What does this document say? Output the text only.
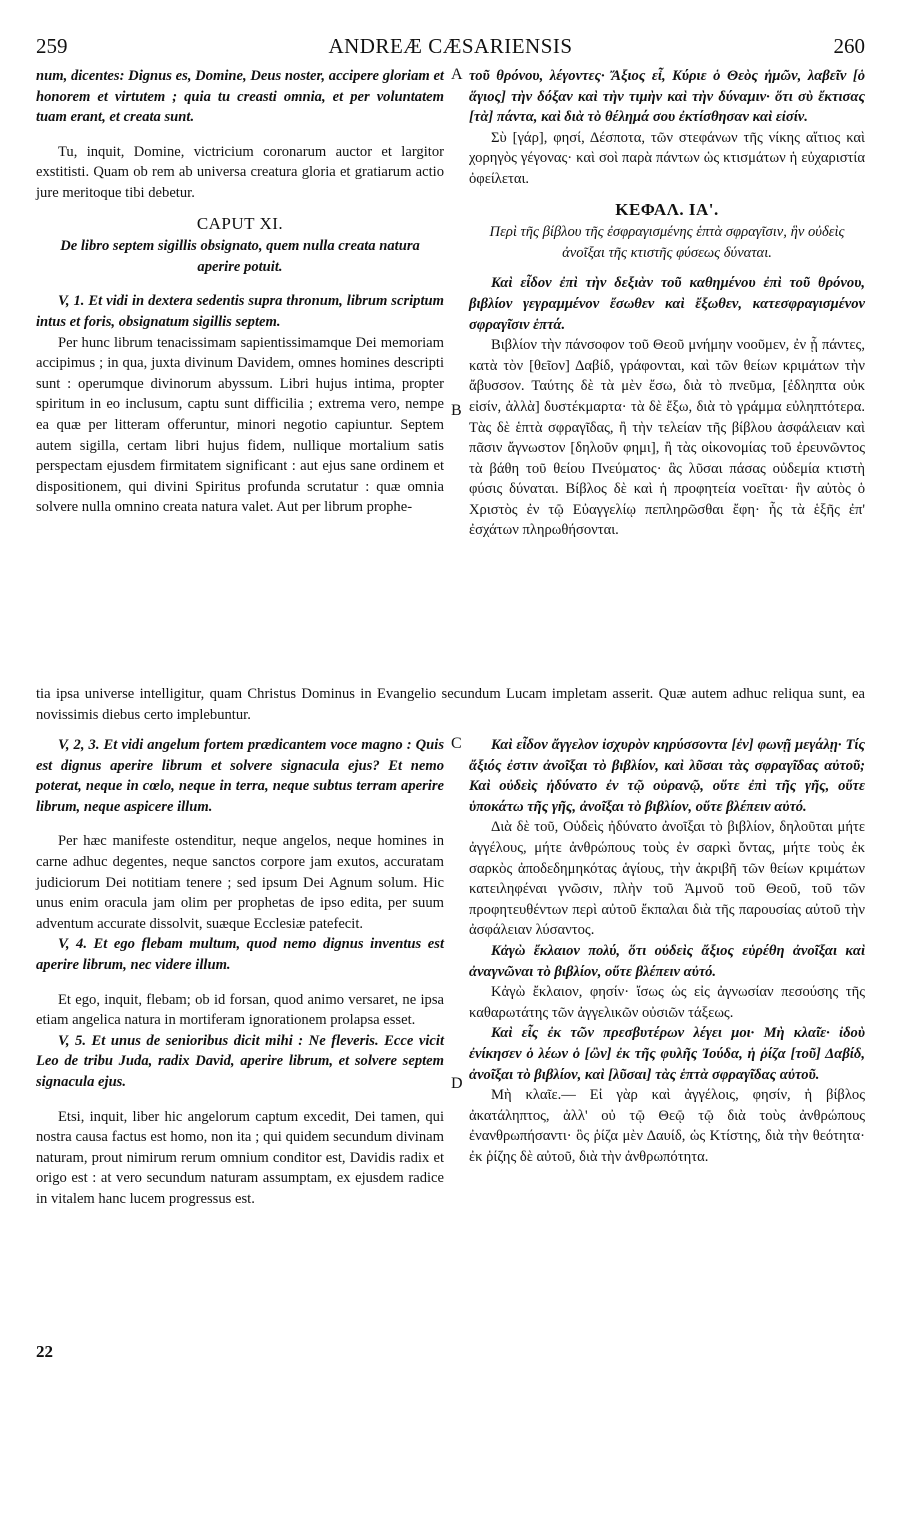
259	ANDREÆ CÆSARIENSIS	260
A
B
C
D

num, dicentes: Dignus es, Domine, Deus noster, accipere gloriam et honorem et virtutem ; quia tu creasti omnia, et per voluntatem tuam erant, et creata sunt.

Tu, inquit, Domine, victricium coronarum auctor et largitor exstitisti. Quam ob rem ab universa creatura gloria et gratiarum actio jure meritoque tibi debetur.

CAPUT XI.

De libro septem sigillis obsignato, quem nulla creata natura aperire potuit.

V, 1. Et vidi in dextera sedentis supra thronum, librum scriptum intus et foris, obsignatum sigillis septem.

Per hunc librum tenacissimam sapientissimamque Dei memoriam accipimus ; in qua, juxta divinum Davidem, omnes homines descripti sunt : operumque divinorum abyssum. Libri hujus intima, propter spiritum in eo inclusum, captu sunt difficilia ; extrema vero, nempe ea quæ per litteram offeruntur, minori negotio capiuntur. Septem autem sigilla, certam libri hujus fidem, nullique mortalium satis perspectam ejusdem firmitatem significant : aut ejus sane ordinem et dispositionem, qui divini Spiritus profunda scrutatur : quæ omnia solvere nulla omnino creata natura valet. Aut per librum prophe-

τοῦ θρόνου, λέγοντες· Ἄξιος εἶ, Κύριε ὁ Θεὸς ἡμῶν, λαβεῖν [ὁ ἅγιος] τὴν δόξαν καὶ τὴν τιμὴν καὶ τὴν δύναμιν· ὅτι σὺ ἔκτισας [τὰ] πάντα, καὶ διὰ τὸ θέλημά σου ἐκτίσθησαν καὶ εἰσίν.

Σὺ [γάρ], φησί, Δέσποτα, τῶν στεφάνων τῆς νίκης αἴτιος καὶ χορηγὸς γέγονας· καὶ σοὶ παρὰ πάντων ὡς κτισμάτων ἡ εὐχαριστία ὀφείλεται.

ΚΕΦΑΛ. ΙΑ'.

Περὶ τῆς βίβλου τῆς ἐσφραγισμένης ἑπτὰ σφραγῖσιν, ἣν οὐδεὶς ἀνοῖξαι τῆς κτιστῆς φύσεως δύναται.

Καὶ εἶδον ἐπὶ τὴν δεξιὰν τοῦ καθημένου ἐπὶ τοῦ θρόνου, βιβλίον γεγραμμένον ἔσωθεν καὶ ἔξωθεν, κατεσφραγισμένον σφραγῖσιν ἑπτά.

Βιβλίον τὴν πάνσοφον τοῦ Θεοῦ μνήμην νοοῦμεν, ἐν ᾗ πάντες, κατὰ τὸν [θεῖον] Δαβίδ, γράφονται, καὶ τῶν θείων κριμάτων τὴν ἄβυσσον. Ταύτης δὲ τὰ μὲν ἔσω, διὰ τὸ πνεῦμα, [ἐδληπτα οὐκ εἰσίν, ἀλλὰ] δυστέκμαρτα· τὰ δὲ ἔξω, διὰ τὸ γράμμα εὐληπτότερα. Τὰς δὲ ἑπτὰ σφραγῖδας, ἢ τὴν τελείαν τῆς βίβλου ἀσφάλειαν καὶ πᾶσιν ἄγνωστον [δηλοῦν φημι], ἢ τὰς οἰκονομίας τοῦ ἐρευνῶντος τὰ βάθη τοῦ θείου Πνεύματος· ἃς λῦσαι πάσας οὐδεμία κτιστὴ φύσις δύναται. Βίβλος δὲ καὶ ἡ προφητεία νοεῖται· ἣν αὐτὸς ὁ Χριστὸς ἐν τῷ Εὐαγγελίῳ πεπληρῶσθαι ἔφη· ἧς τὰ ἑξῆς ἐπ' ἐσχάτων πληρωθήσονται.

tia ipsa universe intelligitur, quam Christus Dominus in Evangelio secundum Lucam impletam asserit. Quæ autem adhuc reliqua sunt, ea novissimis diebus certo implebuntur.

V, 2, 3. Et vidi angelum fortem prædicantem voce magno : Quis est dignus aperire librum et solvere signacula ejus? Et nemo poterat, neque in cœlo, neque in terra, neque subtus terram aperire librum, neque aspicere illum.

Per hæc manifeste ostenditur, neque angelos, neque homines in carne adhuc degentes, neque sanctos corpore jam exutos, accuratam judiciorum Dei notitiam tenere ; sed ipsum Dei Agnum solum. Hic unus enim oracula jam olim per prophetas de ipso edita, per suum adventum accurate dissolvit, suæque Ecclesiæ patefecit.

V, 4. Et ego flebam multum, quod nemo dignus inventus est aperire librum, nec videre illum.

Et ego, inquit, flebam; ob id forsan, quod animo versaret, ne ipsa etiam angelica natura in mortiferam ignorationem prolapsa esset.

V, 5. Et unus de senioribus dicit mihi : Ne fleveris. Ecce vicit Leo de tribu Juda, radix David, aperire librum, et solvere septem signacula ejus.

Etsi, inquit, liber hic angelorum captum excedit, Dei tamen, qui nostra causa factus est homo, non ita ; qui quidem secundum divinam naturam, prout nimirum rerum omnium conditor est, Davidis radix et origo est : at vero secundum naturam assumptam, ex ejusdem radice in vitalem hanc lucem progressus est.

22

Καὶ εἶδον ἄγγελον ἰσχυρὸν κηρύσσοντα [ἐν] φωνῇ μεγάλῃ· Τίς ἄξιός ἐστιν ἀνοῖξαι τὸ βιβλίον, καὶ λῦσαι τὰς σφραγῖδας αὐτοῦ; Καὶ οὐδεὶς ἠδύνατο ἐν τῷ οὐρανῷ, οὔτε ἐπὶ τῆς γῆς, οὔτε ὑποκάτω τῆς γῆς, ἀνοῖξαι τὸ βιβλίον, οὔτε βλέπειν αὐτό.

Διὰ δὲ τοῦ, Οὐδεὶς ἠδύνατο ἀνοῖξαι τὸ βιβλίον, δηλοῦται μήτε ἀγγέλους, μήτε ἀνθρώπους τοὺς ἐν σαρκὶ ὄντας, μήτε τοὺς ἐκ σαρκὸς ἀποδεδημηκότας ἁγίους, τὴν ἀκριβῆ τῶν θείων κριμάτων κατειληφέναι γνῶσιν, πλὴν τοῦ Ἀμνοῦ τοῦ Θεοῦ, τοῦ τῶν προφητευθέντων περὶ αὐτοῦ ἔκπαλαι διὰ τῆς παρουσίας αὐτοῦ τὴν ἀσφάλειαν λύσαντος.

Κἀγὼ ἔκλαιον πολύ, ὅτι οὐδεὶς ἄξιος εὑρέθη ἀνοῖξαι καὶ ἀναγνῶναι τὸ βιβλίον, οὔτε βλέπειν αὐτό.

Κἀγὼ ἔκλαιον, φησίν· ἴσως ὡς εἰς ἀγνωσίαν πεσούσης τῆς καθαρωτάτης τῶν ἀγγελικῶν οὐσιῶν τάξεως.

Καὶ εἷς ἐκ τῶν πρεσβυτέρων λέγει μοι· Μὴ κλαῖε· ἰδοὺ ἐνίκησεν ὁ λέων ὁ [ὢν] ἐκ τῆς φυλῆς Ἰούδα, ἡ ῥίζα [τοῦ] Δαβίδ, ἀνοῖξαι τὸ βιβλίον, καὶ [λῦσαι] τὰς ἑπτὰ σφραγῖδας αὐτοῦ.

Μὴ κλαῖε.— Εἰ γὰρ καὶ ἀγγέλοις, φησίν, ἡ βίβλος ἀκατάληπτος, ἀλλ' οὐ τῷ Θεῷ τῷ διὰ τοὺς ἀνθρώπους ἐνανθρωπήσαντι· ὃς ῥίζα μὲν Δαυίδ, ὡς Κτίστης, διὰ τὴν θεότητα· ἐκ ῥίζης δὲ αὐτοῦ, διὰ τὴν ἀνθρωπότητα.
